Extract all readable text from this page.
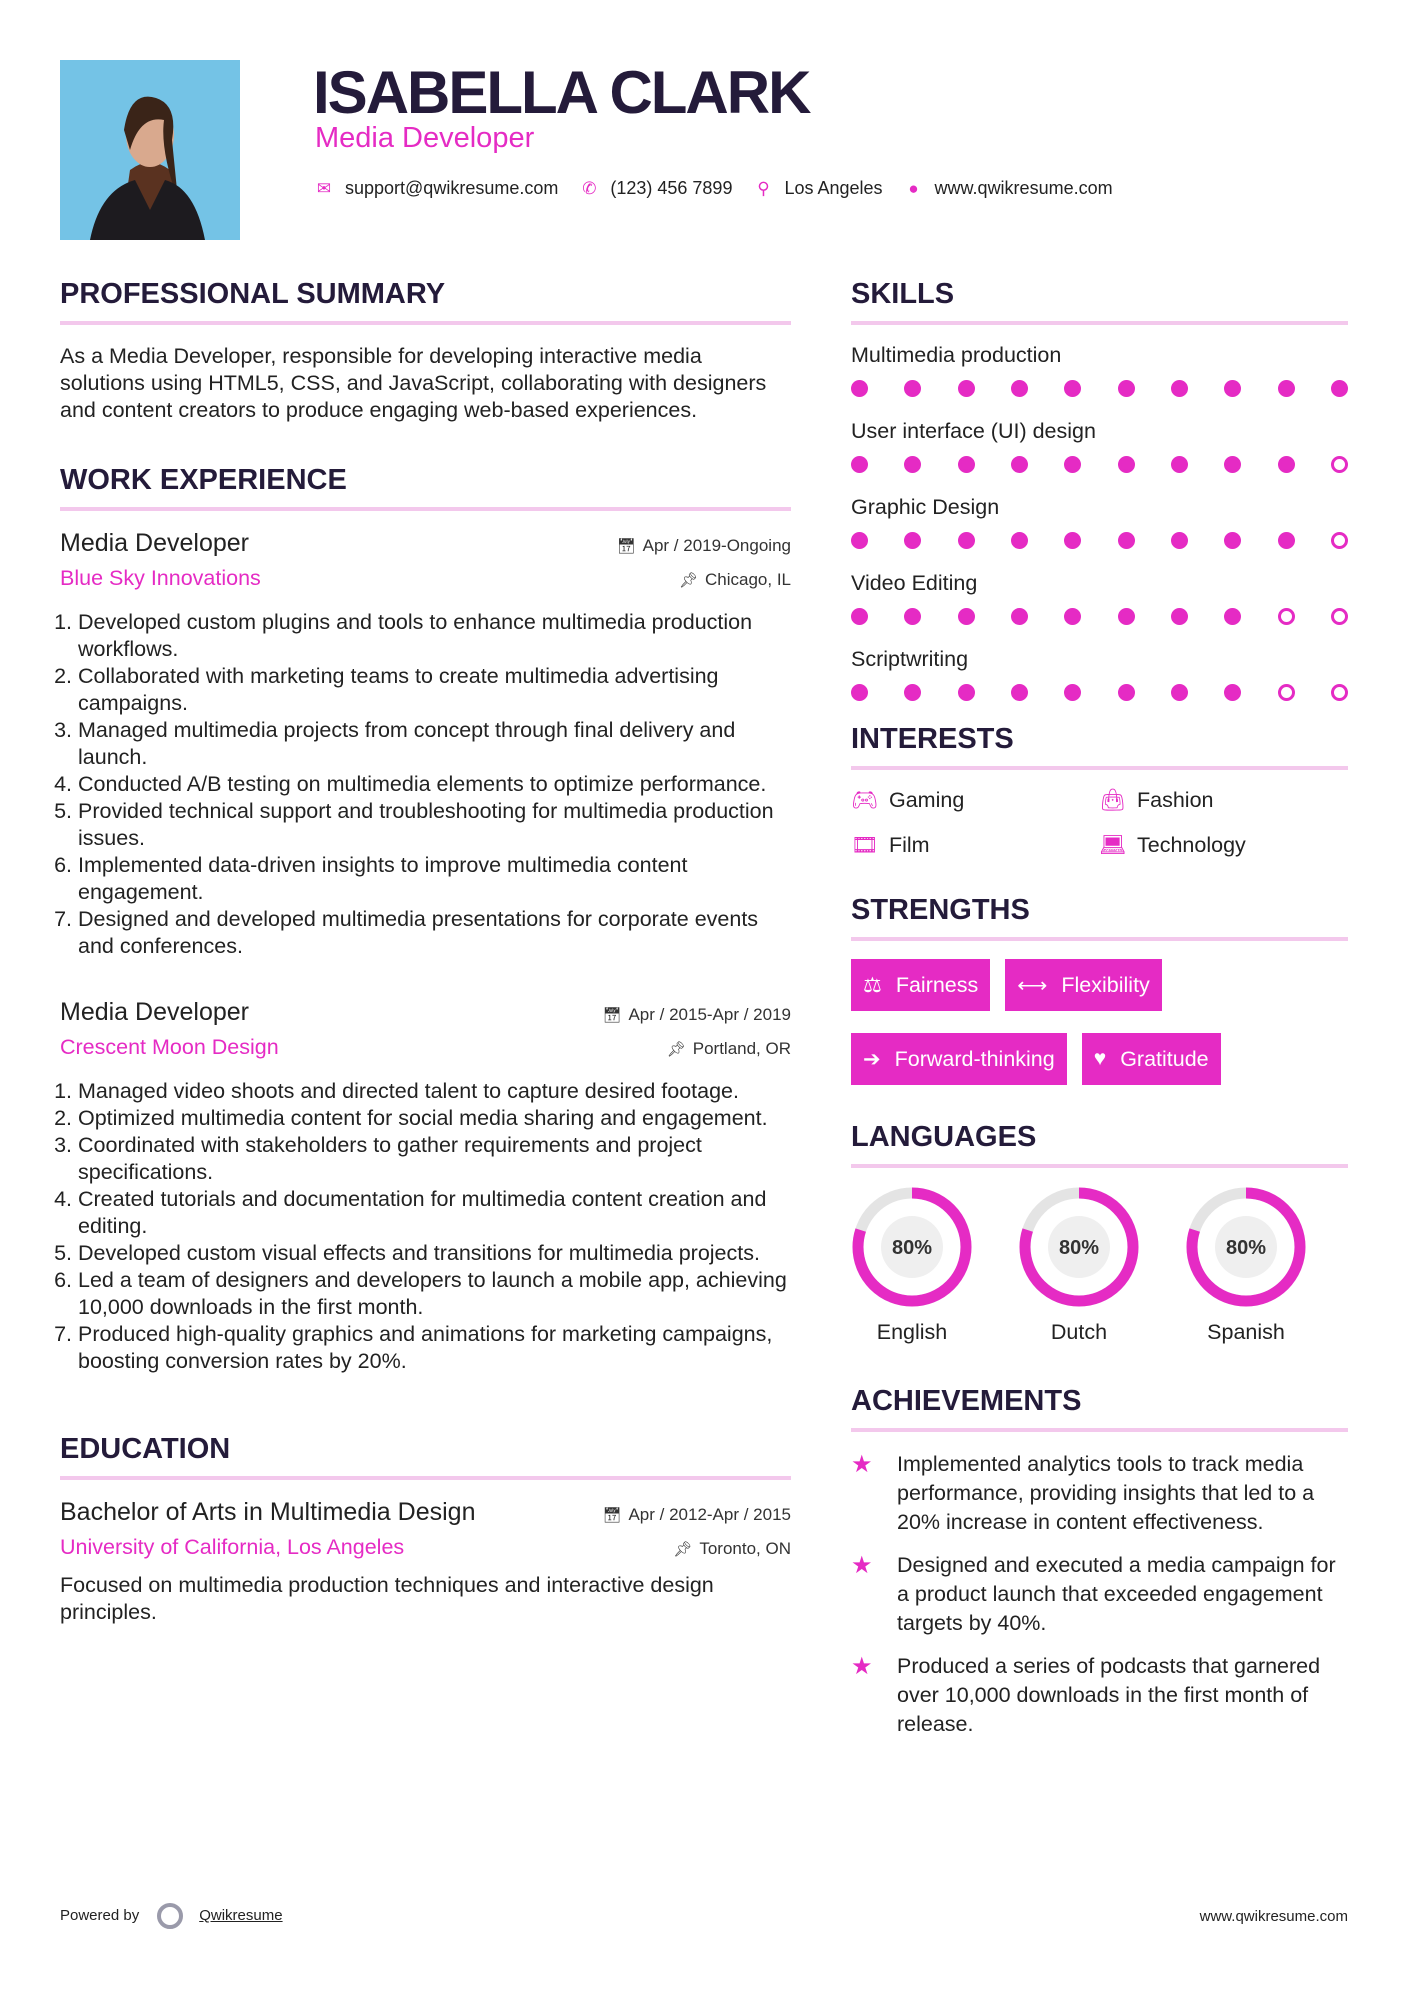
ISABELLA CLARK
Media Developer
✉ support@qwikresume.com ✆ (123) 456 7899 ⚲ Los Angeles ● www.qwikresume.com
PROFESSIONAL SUMMARY

As a Media Developer, responsible for developing interactive media solutions using HTML5, CSS, and JavaScript, collaborating with designers and content creators to produce engaging web-based experiences.

WORK EXPERIENCE
Media Developer	📅︎ Apr / 2019-Ongoing
Blue Sky Innovations	📌︎ Chicago, IL
1. Developed custom plugins and tools to enhance multimedia production workflows.
2. Collaborated with marketing teams to create multimedia advertising campaigns.
3. Managed multimedia projects from concept through final delivery and launch.
4. Conducted A/B testing on multimedia elements to optimize performance.
5. Provided technical support and troubleshooting for multimedia production issues.
6. Implemented data-driven insights to improve multimedia content engagement.
7. Designed and developed multimedia presentations for corporate events and conferences.
Media Developer	📅︎ Apr / 2015-Apr / 2019
Crescent Moon Design	📌︎ Portland, OR
1. Managed video shoots and directed talent to capture desired footage.
2. Optimized multimedia content for social media sharing and engagement.
3. Coordinated with stakeholders to gather requirements and project specifications.
4. Created tutorials and documentation for multimedia content creation and editing.
5. Developed custom visual effects and transitions for multimedia projects.
6. Led a team of designers and developers to launch a mobile app, achieving 10,000 downloads in the first month.
7. Produced high-quality graphics and animations for marketing campaigns, boosting conversion rates by 20%.
EDUCATION
Bachelor of Arts in Multimedia Design	📅︎ Apr / 2012-Apr / 2015
University of California, Los Angeles	📌︎ Toronto, ON

Focused on multimedia production techniques and interactive design principles.

SKILLS
Multimedia production
User interface (UI) design
Graphic Design
Video Editing
Scriptwriting
INTERESTS
🎮︎ Gaming	👜︎ Fashion
🎞︎ Film	💻︎ Technology
STRENGTHS
⚖ Fairness ⟷ Flexibility
➔ Forward-thinking ♥ Gratitude
LANGUAGES
80%
English
80%
Dutch
80%
Spanish
ACHIEVEMENTS
★	Implemented analytics tools to track media performance, providing insights that led to a 20% increase in content effectiveness.
★	Designed and executed a media campaign for a product launch that exceeded engagement targets by 40%.
★	Produced a series of podcasts that garnered over 10,000 downloads in the first month of release.
Powered by	Qwikresume	www.qwikresume.com
